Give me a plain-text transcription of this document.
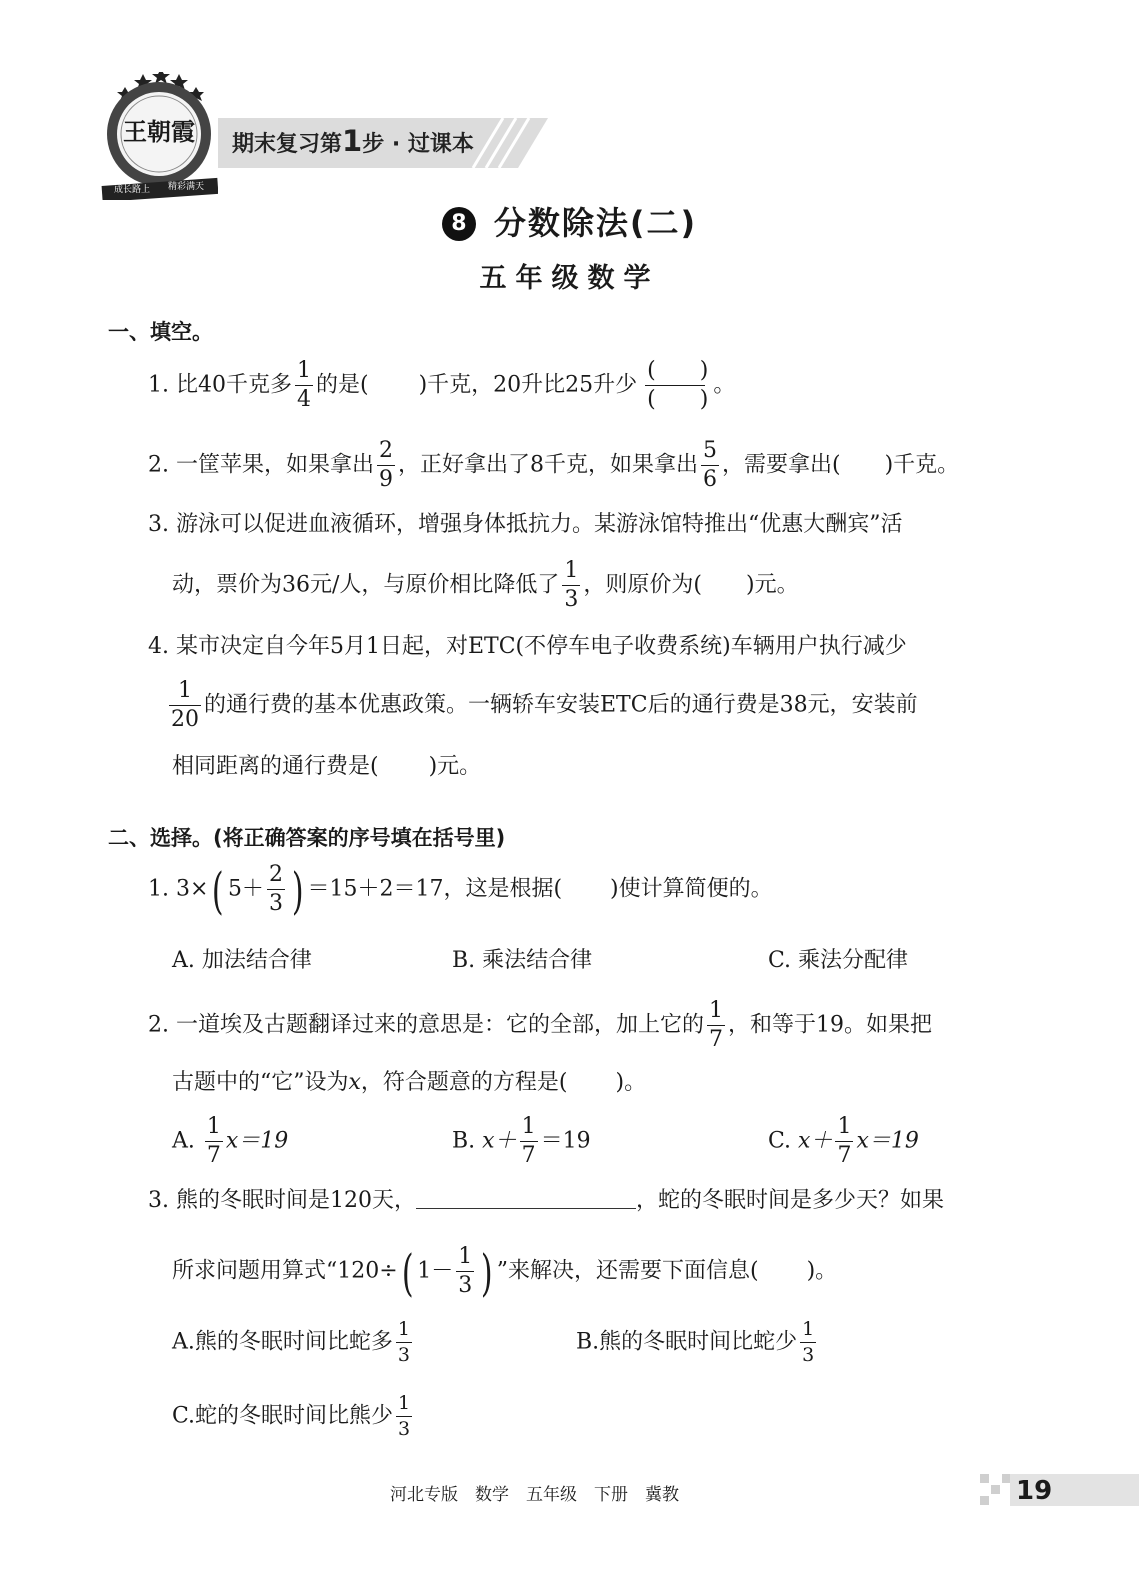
王朝霞
成长路上	精彩满天
期末复习第1步 · 过课本
8 分数除法(二)
五年级数学
一、填空。
1. 比40千克多 $\frac{1}{4}$ 的是( )千克，20升比25升少 $\frac{( )}{( )}$ 。
2. 一筐苹果，如果拿出 $\frac{2}{9}$ ，正好拿出了8千克，如果拿出 $\frac{5}{6}$ ，需要拿出( )千克。
3. 游泳可以促进血液循环，增强身体抵抗力。某游泳馆特推出“优惠大酬宾”活
动，票价为36元/人，与原价相比降低了 $\frac{1}{3}$ ，则原价为( )元。
4. 某市决定自今年5月1日起，对ETC(不停车电子收费系统)车辆用户执行减少
$\frac{1}{20}$ 的通行费的基本优惠政策。一辆轿车安装ETC后的通行费是38元，安装前
相同距离的通行费是( )元。
二、选择。(将正确答案的序号填在括号里)
1. 3×( $5+ \frac{2}{3}$ ) ＝15＋2＝17，这是根据( )使计算简便的。
A. 加法结合律	B. 乘法结合律	C. 乘法分配律
2. 一道埃及古题翻译过来的意思是：它的全部，加上它的 $\frac{1}{7}$ ，和等于19。如果把
古题中的“它”设为x，符合题意的方程是( )。
A. $\frac{1}{7} x=19$	B. $x+ \frac{1}{7} =19$	C. $x+ \frac{1}{7} x=19$
3. 熊的冬眠时间是120天，	，蛇的冬眠时间是多少天？如果
所求问题用算式“120÷( $1- \frac{1}{3}$ ) ”来解决，还需要下面信息( )。
A.熊的冬眠时间比蛇多 $\frac{1}{3}$	B.熊的冬眠时间比蛇少 $\frac{1}{3}$
C.蛇的冬眠时间比熊少 $\frac{1}{3}$
河北专版　数学　五年级　下册　冀教	19
